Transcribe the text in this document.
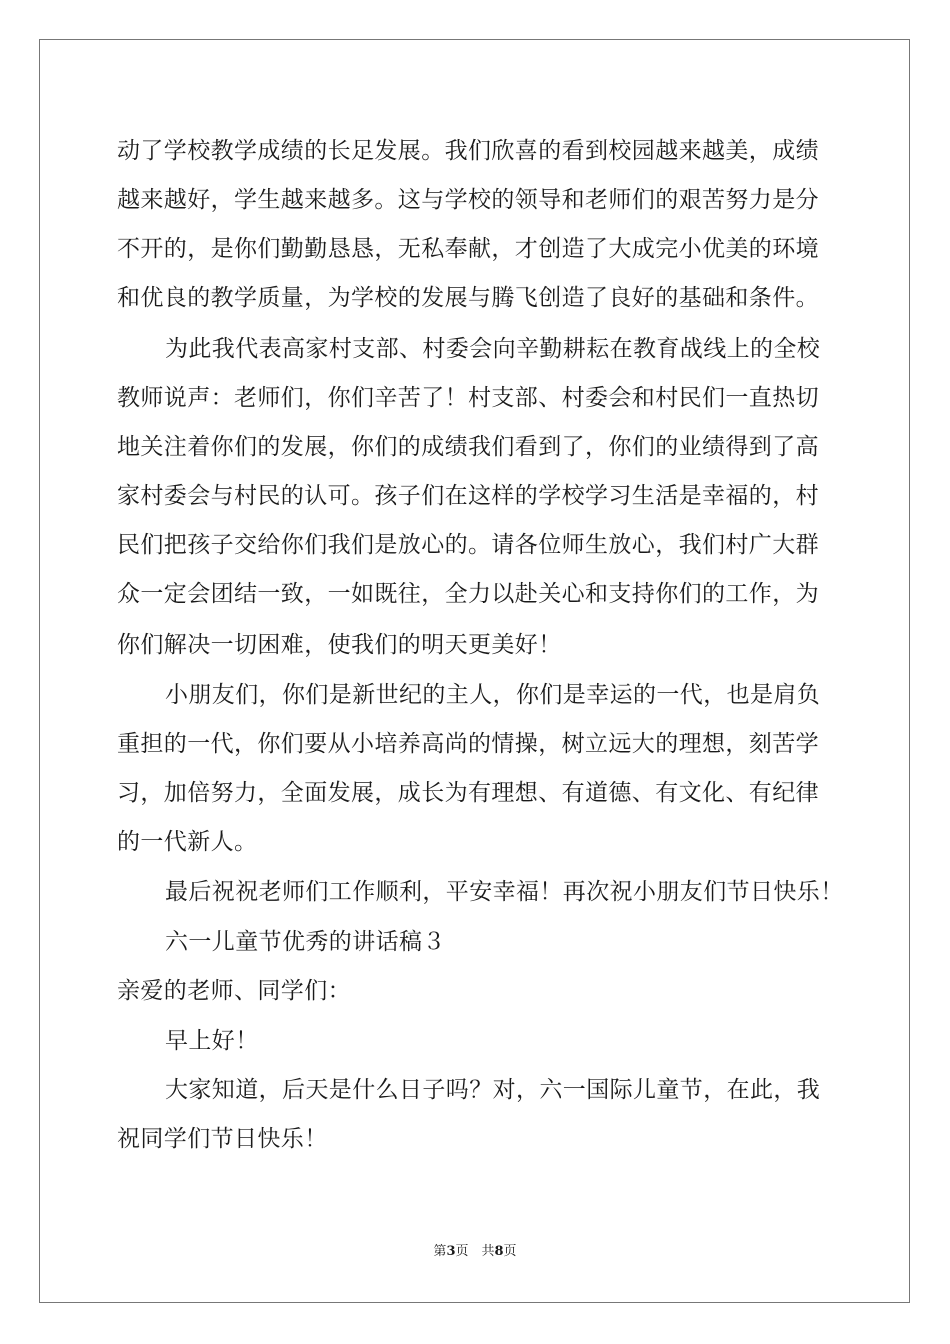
动了学校教学成绩的长足发展。我们欣喜的看到校园越来越美，成绩
越来越好，学生越来越多。这与学校的领导和老师们的艰苦努力是分
不开的，是你们勤勤恳恳，无私奉献，才创造了大成完小优美的环境
和优良的教学质量，为学校的发展与腾飞创造了良好的基础和条件。
为此我代表高家村支部、村委会向辛勤耕耘在教育战线上的全校
教师说声：老师们，你们辛苦了！村支部、村委会和村民们一直热切
地关注着你们的发展，你们的成绩我们看到了，你们的业绩得到了高
家村委会与村民的认可。孩子们在这样的学校学习生活是幸福的，村
民们把孩子交给你们我们是放心的。请各位师生放心，我们村广大群
众一定会团结一致，一如既往，全力以赴关心和支持你们的工作，为
你们解决一切困难，使我们的明天更美好！
小朋友们，你们是新世纪的主人，你们是幸运的一代，也是肩负
重担的一代，你们要从小培养高尚的情操，树立远大的理想，刻苦学
习，加倍努力，全面发展，成长为有理想、有道德、有文化、有纪律
的一代新人。
最后祝祝老师们工作顺利，平安幸福！再次祝小朋友们节日快乐！
六一儿童节优秀的讲话稿３
亲爱的老师、同学们：
早上好！
大家知道，后天是什么日子吗？对，六一国际儿童节，在此，我
祝同学们节日快乐！
第3页　共8页
